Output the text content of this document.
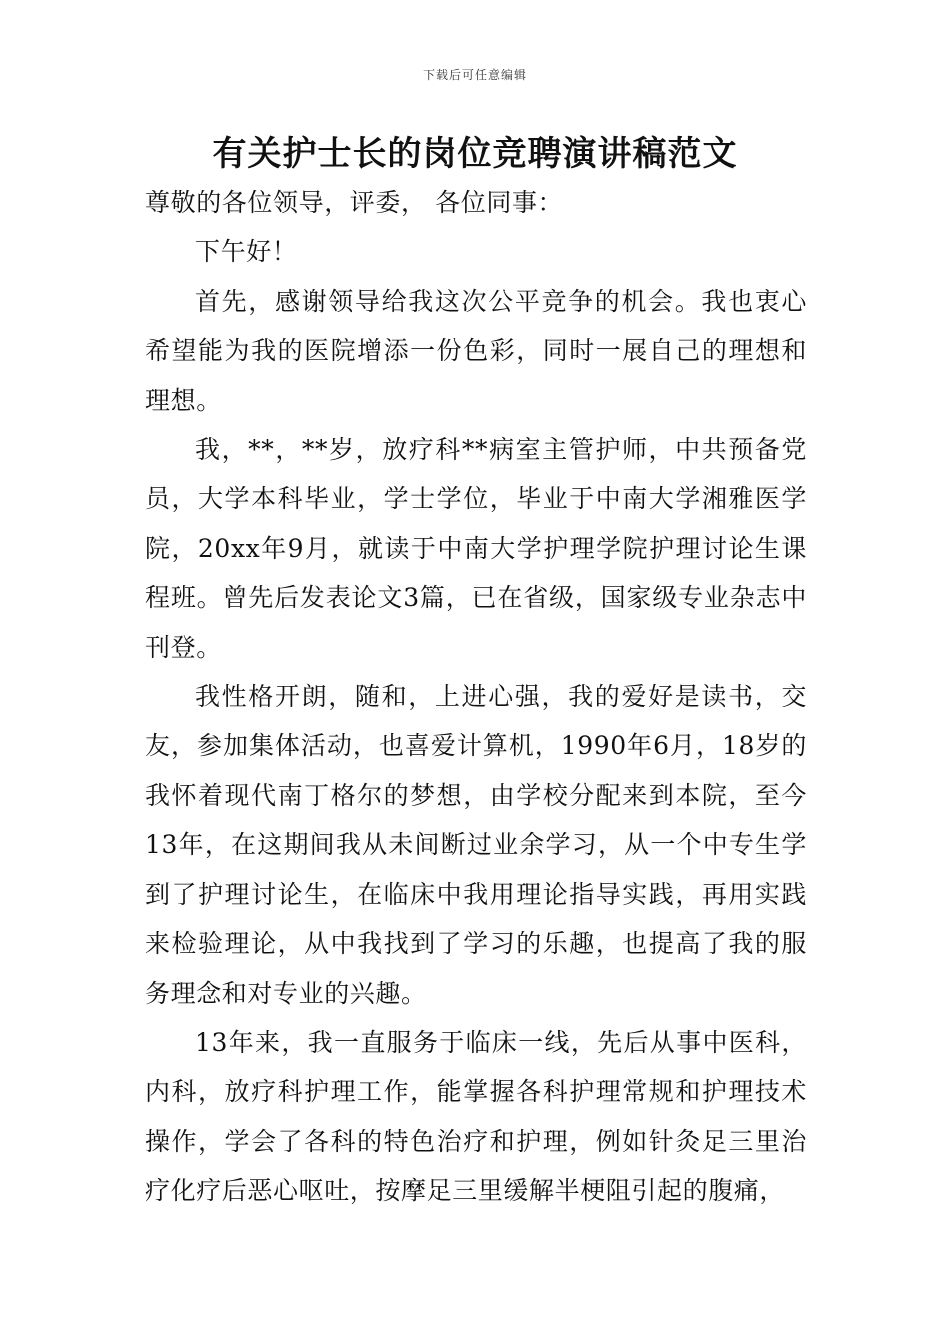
下载后可任意编辑
有关护士长的岗位竞聘演讲稿范文

尊敬的各位领导，评委， 各位同事：

下午好！

首先，感谢领导给我这次公平竞争的机会。我也衷心希望能为我的医院增添一份色彩，同时一展自己的理想和理想。

我，**，**岁，放疗科**病室主管护师，中共预备党员，大学本科毕业，学士学位，毕业于中南大学湘雅医学院，20xx年9月，就读于中南大学护理学院护理讨论生课程班。曾先后发表论文3篇，已在省级，国家级专业杂志中刊登。

我性格开朗，随和，上进心强，我的爱好是读书，交友，参加集体活动，也喜爱计算机，1990年6月，18岁的我怀着现代南丁格尔的梦想，由学校分配来到本院，至今13年，在这期间我从未间断过业余学习，从一个中专生学到了护理讨论生，在临床中我用理论指导实践，再用实践来检验理论，从中我找到了学习的乐趣，也提高了我的服务理念和对专业的兴趣。

13年来，我一直服务于临床一线，先后从事中医科，内科，放疗科护理工作，能掌握各科护理常规和护理技术操作，学会了各科的特色治疗和护理，例如针灸足三里治疗化疗后恶心呕吐，按摩足三里缓解半梗阻引起的腹痛，
